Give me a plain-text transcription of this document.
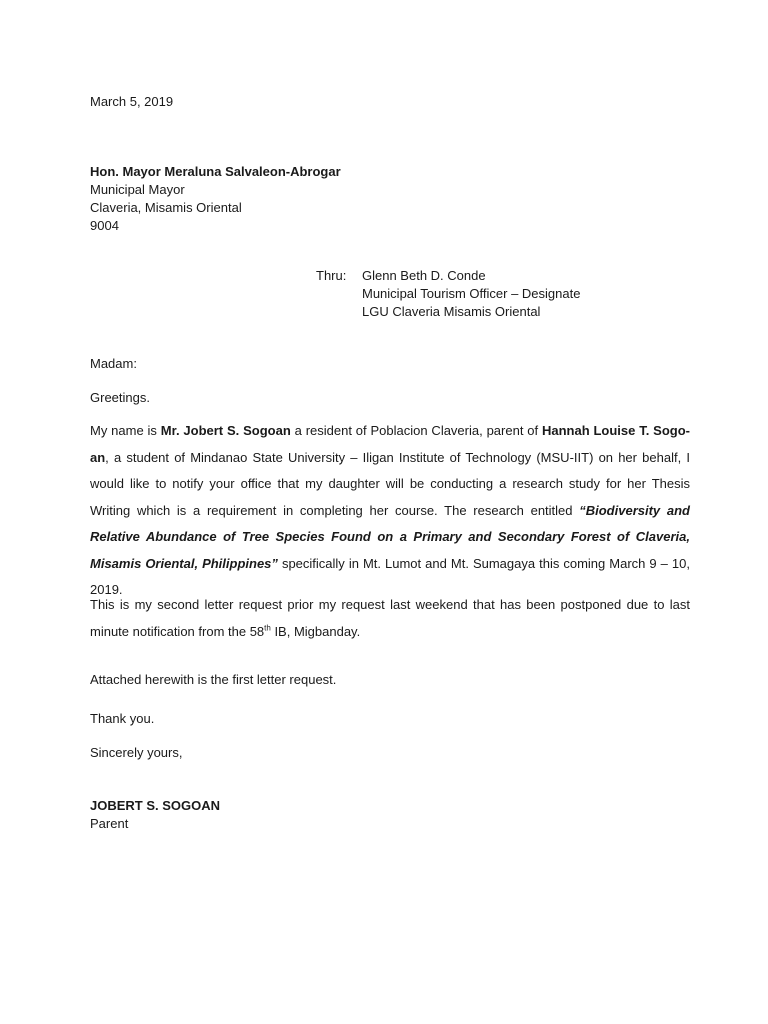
March 5, 2019
Hon. Mayor Meraluna Salvaleon-Abrogar
Municipal Mayor
Claveria, Misamis Oriental
9004
Thru: Glenn Beth D. Conde
Municipal Tourism Officer – Designate
LGU Claveria Misamis Oriental
Madam:
Greetings.
My name is Mr. Jobert S. Sogoan a resident of Poblacion Claveria, parent of Hannah Louise T. Sogo-an, a student of Mindanao State University – Iligan Institute of Technology (MSU-IIT) on her behalf, I would like to notify your office that my daughter will be conducting a research study for her Thesis Writing which is a requirement in completing her course. The research entitled “Biodiversity and Relative Abundance of Tree Species Found on a Primary and Secondary Forest of Claveria, Misamis Oriental, Philippines” specifically in Mt. Lumot and Mt. Sumagaya this coming March 9 – 10, 2019.
This is my second letter request prior my request last weekend that has been postponed due to last minute notification from the 58th IB, Migbanday.
Attached herewith is the first letter request.
Thank you.
Sincerely yours,
JOBERT S. SOGOAN
Parent
